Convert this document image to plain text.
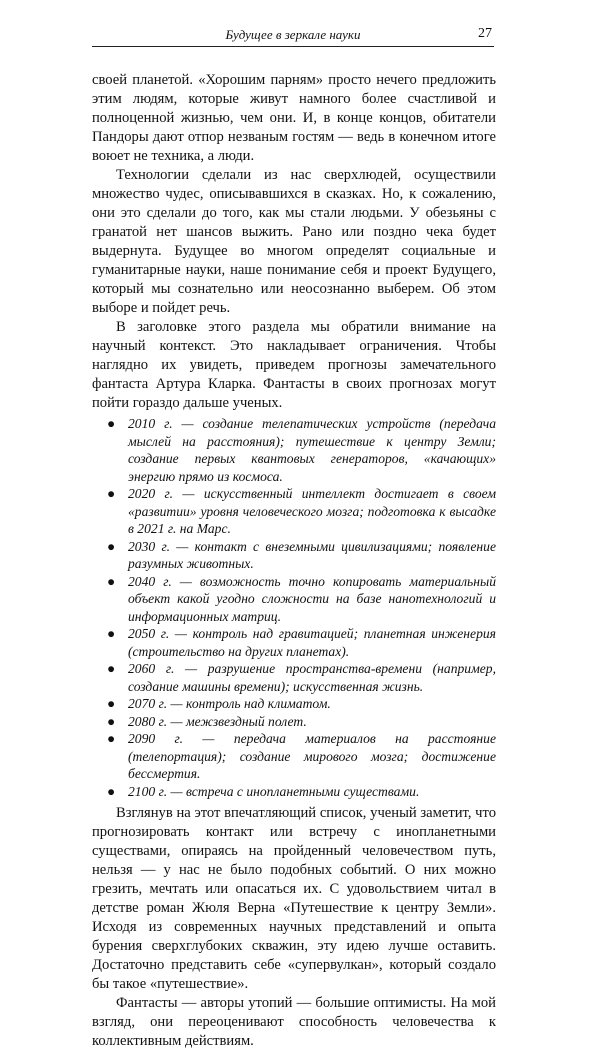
Будущее в зеркале науки	27

своей планетой. «Хорошим парням» просто нечего предложить этим людям, которые живут намного более счастливой и полноценной жизнью, чем они. И, в конце концов, обитатели Пандоры дают отпор незваным гостям — ведь в конечном итоге воюет не техника, а люди.

Технологии сделали из нас сверхлюдей, осуществили множество чудес, описывавшихся в сказках. Но, к сожалению, они это сделали до того, как мы стали людьми. У обезьяны с гранатой нет шансов выжить. Рано или поздно чека будет выдернута. Будущее во многом определят социальные и гуманитарные науки, наше понимание себя и проект Будущего, который мы сознательно или неосознанно выберем. Об этом выборе и пойдет речь.

В заголовке этого раздела мы обратили внимание на научный контекст. Это накладывает ограничения. Чтобы наглядно их увидеть, приведем прогнозы замечательного фантаста Артура Кларка. Фантасты в своих прогнозах могут пойти гораздо дальше ученых.

● 2010 г. — создание телепатических устройств (передача мыслей на расстояния); путешествие к центру Земли; создание первых квантовых генераторов, «качающих» энергию прямо из космоса.
● 2020 г. — искусственный интеллект достигает в своем «развитии» уровня человеческого мозга; подготовка к высадке в 2021 г. на Марс.
● 2030 г. — контакт с внеземными цивилизациями; появление разумных животных.
● 2040 г. — возможность точно копировать материальный объект какой угодно сложности на базе нанотехнологий и информационных матриц.
● 2050 г. — контроль над гравитацией; планетная инженерия (строительство на других планетах).
● 2060 г. — разрушение пространства-времени (например, создание машины времени); искусственная жизнь.
● 2070 г. — контроль над климатом.
● 2080 г. — межзвездный полет.
● 2090 г. — передача материалов на расстояние (телепортация); создание мирового мозга; достижение бессмертия.
● 2100 г. — встреча с инопланетными существами.

Взглянув на этот впечатляющий список, ученый заметит, что прогнозировать контакт или встречу с инопланетными существами, опираясь на пройденный человечеством путь, нельзя — у нас не было подобных событий. О них можно грезить, мечтать или опасаться их. С удовольствием читал в детстве роман Жюля Верна «Путешествие к центру Земли». Исходя из современных научных представлений и опыта бурения сверхглубоких скважин, эту идею лучше оставить. Достаточно представить себе «супервулкан», который создало бы такое «путешествие».

Фантасты — авторы утопий — большие оптимисты. На мой взгляд, они переоценивают способность человечества к коллективным действиям.
